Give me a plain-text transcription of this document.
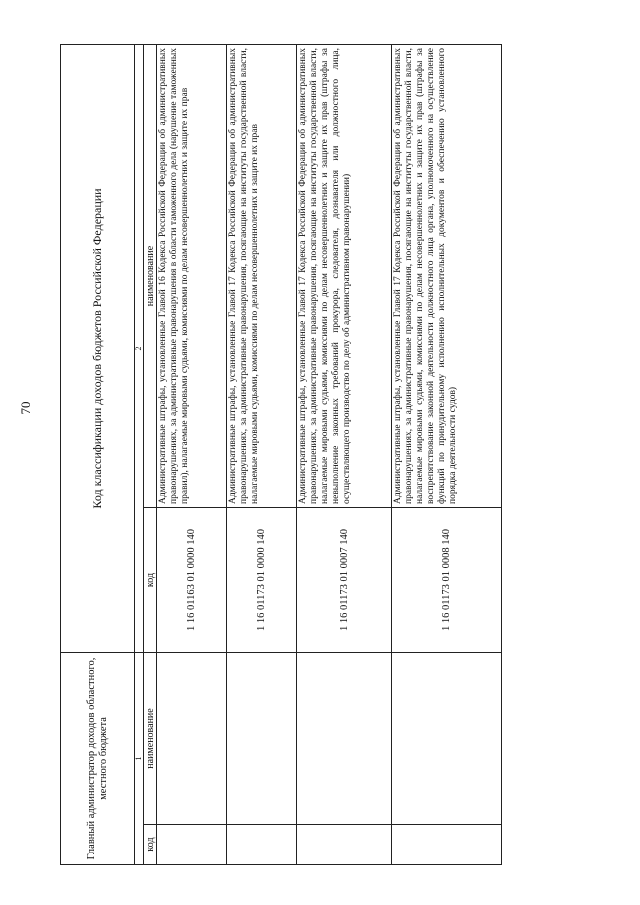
70
Главный администратор доходов областного, местного бюджета		Код классификации доходов бюджетов Российской Федерации	
1		2	
код	наименование	код	наименование
		1 16 01163 01 0000 140	Административные штрафы, установленные Главой 16 Кодекса Российской Федерации об административных правонарушениях, за административные правонарушения в области таможенного дела (нарушение таможенных правил), налагаемые мировыми судьями, комиссиями по делам несовершеннолетних и защите их прав
		1 16 01173 01 0000 140	Административные штрафы, установленные Главой 17 Кодекса Российской Федерации об административных правонарушениях, за административные правонарушения, посягающие на институты государственной власти, налагаемые мировыми судьями, комиссиями по делам несовершеннолетних и защите их прав
		1 16 01173 01 0007 140	Административные штрафы, установленные Главой 17 Кодекса Российской Федерации об административных правонарушениях, за административные правонарушения, посягающие на институты государственной власти, налагаемые мировыми судьями, комиссиями по делам несовершеннолетних и защите их прав (штрафы за невыполнение законных требований прокурора, следователя, дознавателя или должностного лица, осуществляющего производство по делу об административном правонарушении)
		1 16 01173 01 0008 140	Административные штрафы, установленные Главой 17 Кодекса Российской Федерации об административных правонарушениях, за административные правонарушения, посягающие на институты государственной власти, налагаемые мировыми судьями, комиссиями по делам несовершеннолетних и защите их прав (штрафы за воспрепятствование законной деятельности должностного лица органа, уполномоченного на осуществление функций по принудительному исполнению исполнительных документов и обеспечению установленного порядка деятельности судов)
